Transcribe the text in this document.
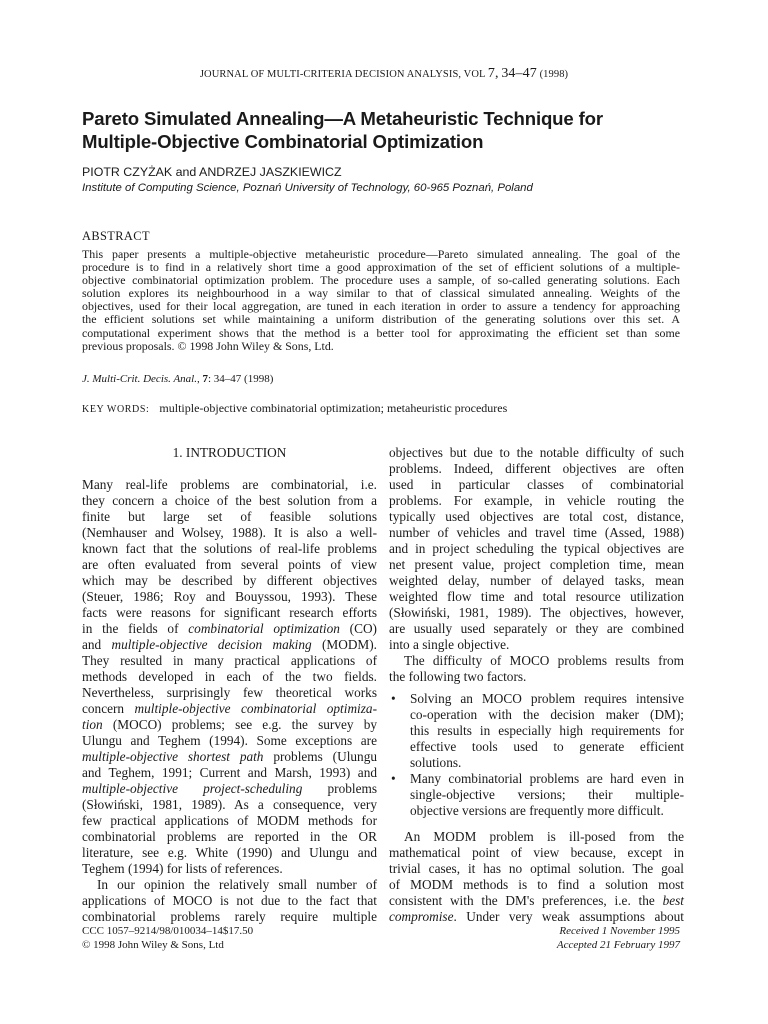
JOURNAL OF MULTI-CRITERIA DECISION ANALYSIS, VOL 7, 34–47 (1998)
Pareto Simulated Annealing—A Metaheuristic Technique for
Multiple-Objective Combinatorial Optimization
PIOTR CZYŻAK and ANDRZEJ JASZKIEWICZ
Institute of Computing Science, Poznań University of Technology, 60-965 Poznań, Poland
ABSTRACT
This paper presents a multiple-objective metaheuristic procedure—Pareto simulated annealing. The goal of the
procedure is to find in a relatively short time a good approximation of the set of efficient solutions of a multiple-
objective combinatorial optimization problem. The procedure uses a sample, of so-called generating solutions. Each
solution explores its neighbourhood in a way similar to that of classical simulated annealing. Weights of the
objectives, used for their local aggregation, are tuned in each iteration in order to assure a tendency for approaching
the efficient solutions set while maintaining a uniform distribution of the generating solutions over this set. A
computational experiment shows that the method is a better tool for approximating the efficient set than some
previous proposals. © 1998 John Wiley & Sons, Ltd.
J. Multi-Crit. Decis. Anal., 7: 34–47 (1998)
KEY WORDS: multiple-objective combinatorial optimization; metaheuristic procedures
1. INTRODUCTION
Many real-life problems are combinatorial, i.e.
they concern a choice of the best solution from a
finite but large set of feasible solutions
(Nemhauser and Wolsey, 1988). It is also a well-
known fact that the solutions of real-life problems
are often evaluated from several points of view
which may be described by different objectives
(Steuer, 1986; Roy and Bouyssou, 1993). These
facts were reasons for significant research efforts
in the fields of combinatorial optimization (CO)
and multiple-objective decision making (MODM).
They resulted in many practical applications of
methods developed in each of the two fields.
Nevertheless, surprisingly few theoretical works
concern multiple-objective combinatorial optimiza-
tion (MOCO) problems; see e.g. the survey by
Ulungu and Teghem (1994). Some exceptions are
multiple-objective shortest path problems (Ulungu
and Teghem, 1991; Current and Marsh, 1993) and
multiple-objective project-scheduling problems
(Słowiński, 1981, 1989). As a consequence, very
few practical applications of MODM methods for
combinatorial problems are reported in the OR
literature, see e.g. White (1990) and Ulungu and
Teghem (1994) for lists of references.
In our opinion the relatively small number of
applications of MOCO is not due to the fact that
combinatorial problems rarely require multiple
objectives but due to the notable difficulty of such
problems. Indeed, different objectives are often
used in particular classes of combinatorial
problems. For example, in vehicle routing the
typically used objectives are total cost, distance,
number of vehicles and travel time (Assed, 1988)
and in project scheduling the typical objectives are
net present value, project completion time, mean
weighted delay, number of delayed tasks, mean
weighted flow time and total resource utilization
(Słowiński, 1981, 1989). The objectives, however,
are usually used separately or they are combined
into a single objective.
The difficulty of MOCO problems results from
the following two factors.
• Solving an MOCO problem requires intensive
co-operation with the decision maker (DM);
this results in especially high requirements for
effective tools used to generate efficient
solutions.
• Many combinatorial problems are hard even in
single-objective versions; their multiple-
objective versions are frequently more difficult.
An MODM problem is ill-posed from the
mathematical point of view because, except in
trivial cases, it has no optimal solution. The goal
of MODM methods is to find a solution most
consistent with the DM's preferences, i.e. the best
compromise. Under very weak assumptions about
CCC 1057–9214/98/010034–14$17.50
© 1998 John Wiley & Sons, Ltd
Received 1 November 1995
Accepted 21 February 1997
